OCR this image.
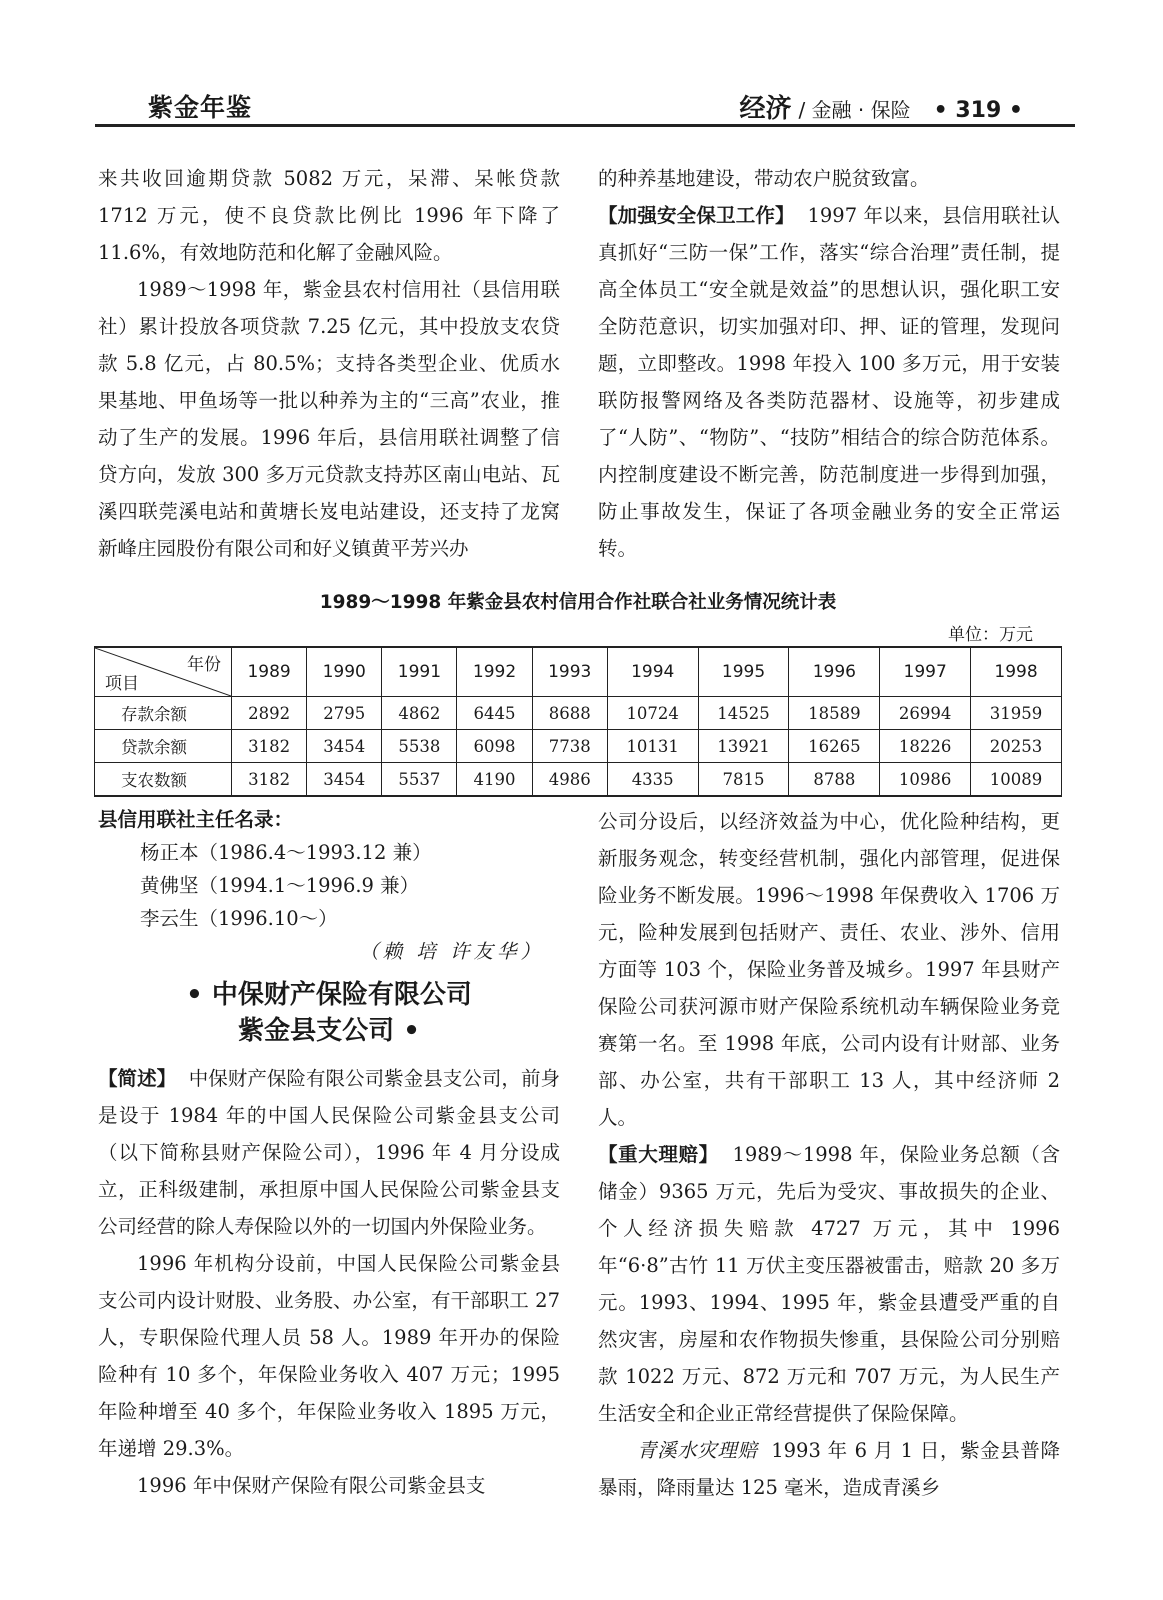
紫金年鉴	经济 / 金融 · 保险 • 319 •

来共收回逾期贷款 5082 万元，呆滞、呆帐贷款 1712 万元，使不良贷款比例比 1996 年下降了 11.6%，有效地防范和化解了金融风险。

1989～1998 年，紫金县农村信用社（县信用联社）累计投放各项贷款 7.25 亿元，其中投放支农贷款 5.8 亿元，占 80.5%；支持各类型企业、优质水果基地、甲鱼场等一批以种养为主的“三高”农业，推动了生产的发展。1996 年后，县信用联社调整了信贷方向，发放 300 多万元贷款支持苏区南山电站、瓦溪四联莞溪电站和黄塘长岌电站建设，还支持了龙窝新峰庄园股份有限公司和好义镇黄平芳兴办

的种养基地建设，带动农户脱贫致富。

【加强安全保卫工作】 1997 年以来，县信用联社认真抓好“三防一保”工作，落实“综合治理”责任制，提高全体员工“安全就是效益”的思想认识，强化职工安全防范意识，切实加强对印、押、证的管理，发现问题，立即整改。1998 年投入 100 多万元，用于安装联防报警网络及各类防范器材、设施等，初步建成了“人防”、“物防”、“技防”相结合的综合防范体系。内控制度建设不断完善，防范制度进一步得到加强，防止事故发生，保证了各项金融业务的安全正常运转。

1989～1998 年紫金县农村信用合作社联合社业务情况统计表
单位：万元
年份
项目	1989	1990	1991	1992	1993	1994	1995	1996	1997	1998
存款余额	2892	2795	4862	6445	8688	10724	14525	18589	26994	31959
贷款余额	3182	3454	5538	6098	7738	10131	13921	16265	18226	20253
支农数额	3182	3454	5537	4190	4986	4335	7815	8788	10986	10089
县信用联社主任名录：
杨正本（1986.4～1993.12 兼）
黄佛坚（1994.1～1996.9 兼）
李云生（1996.10～）
（赖 培 许友华）
• 中保财产保险有限公司
紫金县支公司 •

【简述】 中保财产保险有限公司紫金县支公司，前身是设于 1984 年的中国人民保险公司紫金县支公司（以下简称县财产保险公司），1996 年 4 月分设成立，正科级建制，承担原中国人民保险公司紫金县支公司经营的除人寿保险以外的一切国内外保险业务。

1996 年机构分设前，中国人民保险公司紫金县支公司内设计财股、业务股、办公室，有干部职工 27 人，专职保险代理人员 58 人。1989 年开办的保险险种有 10 多个，年保险业务收入 407 万元；1995 年险种增至 40 多个，年保险业务收入 1895 万元，年递增 29.3%。

1996 年中保财产保险有限公司紫金县支

公司分设后，以经济效益为中心，优化险种结构，更新服务观念，转变经营机制，强化内部管理，促进保险业务不断发展。1996～1998 年保费收入 1706 万元，险种发展到包括财产、责任、农业、涉外、信用方面等 103 个，保险业务普及城乡。1997 年县财产保险公司获河源市财产保险系统机动车辆保险业务竞赛第一名。至 1998 年底，公司内设有计财部、业务部、办公室，共有干部职工 13 人，其中经济师 2 人。

【重大理赔】 1989～1998 年，保险业务总额（含储金）9365 万元，先后为受灾、事故损失的企业、个人经济损失赔款 4727 万元，其中 1996 年“6·8”古竹 11 万伏主变压器被雷击，赔款 20 多万元。1993、1994、1995 年，紫金县遭受严重的自然灾害，房屋和农作物损失惨重，县保险公司分别赔款 1022 万元、872 万元和 707 万元，为人民生产生活安全和企业正常经营提供了保险保障。

青溪水灾理赔 1993 年 6 月 1 日，紫金县普降暴雨，降雨量达 125 毫米，造成青溪乡
